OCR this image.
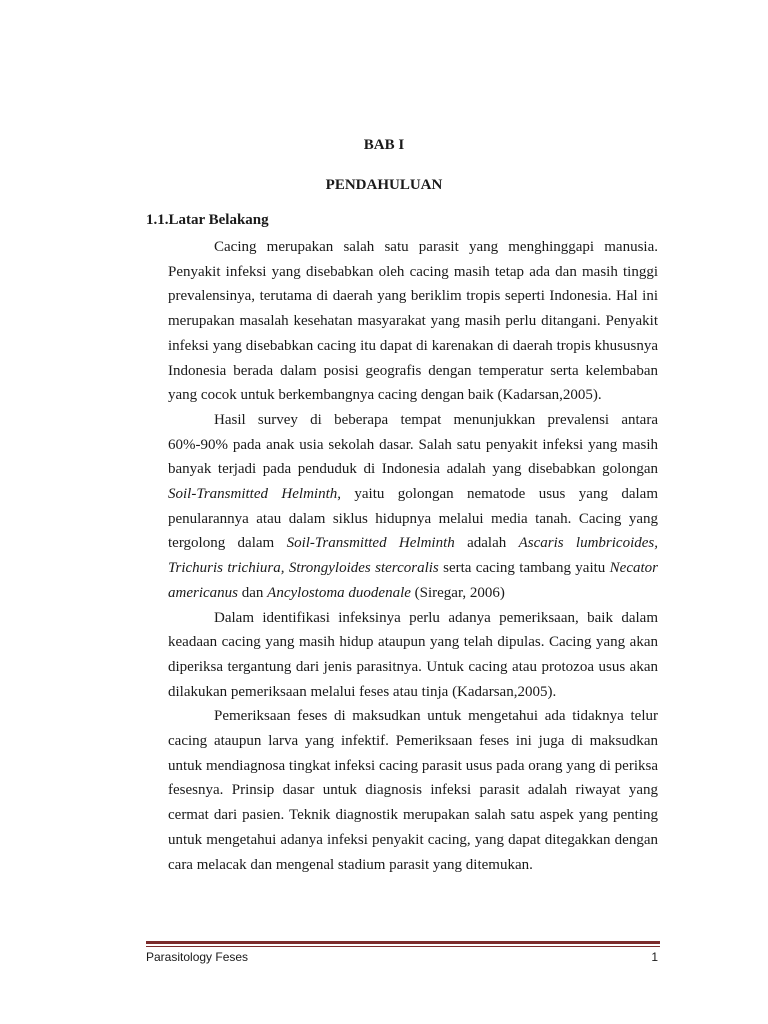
BAB I
PENDAHULUAN
1.1.Latar Belakang

Cacing merupakan salah satu parasit yang menghinggapi manusia. Penyakit infeksi yang disebabkan oleh cacing masih tetap ada dan masih tinggi prevalensinya, terutama di daerah yang beriklim tropis seperti Indonesia. Hal ini merupakan masalah kesehatan masyarakat yang masih perlu ditangani. Penyakit infeksi yang disebabkan cacing itu dapat di karenakan di daerah tropis khususnya Indonesia berada dalam posisi geografis dengan temperatur serta kelembaban yang cocok untuk berkembangnya cacing dengan baik (Kadarsan,2005).

Hasil survey di beberapa tempat menunjukkan prevalensi antara 60%-90% pada anak usia sekolah dasar. Salah satu penyakit infeksi yang masih banyak terjadi pada penduduk di Indonesia adalah yang disebabkan golongan Soil-Transmitted Helminth, yaitu golongan nematode usus yang dalam penularannya atau dalam siklus hidupnya melalui media tanah. Cacing yang tergolong dalam Soil-Transmitted Helminth adalah Ascaris lumbricoides, Trichuris trichiura, Strongyloides stercoralis serta cacing tambang yaitu Necator americanus dan Ancylostoma duodenale (Siregar, 2006)

Dalam identifikasi infeksinya perlu adanya pemeriksaan, baik dalam keadaan cacing yang masih hidup ataupun yang telah dipulas. Cacing yang akan diperiksa tergantung dari jenis parasitnya. Untuk cacing atau protozoa usus akan dilakukan pemeriksaan melalui feses atau tinja (Kadarsan,2005).

Pemeriksaan feses di maksudkan untuk mengetahui ada tidaknya telur cacing ataupun larva yang infektif. Pemeriksaan feses ini juga di maksudkan untuk mendiagnosa tingkat infeksi cacing parasit usus pada orang yang di periksa fesesnya. Prinsip dasar untuk diagnosis infeksi parasit adalah riwayat yang cermat dari pasien. Teknik diagnostik merupakan salah satu aspek yang penting untuk mengetahui adanya infeksi penyakit cacing, yang dapat ditegakkan dengan cara melacak dan mengenal stadium parasit yang ditemukan.

Parasitology Feses	1
